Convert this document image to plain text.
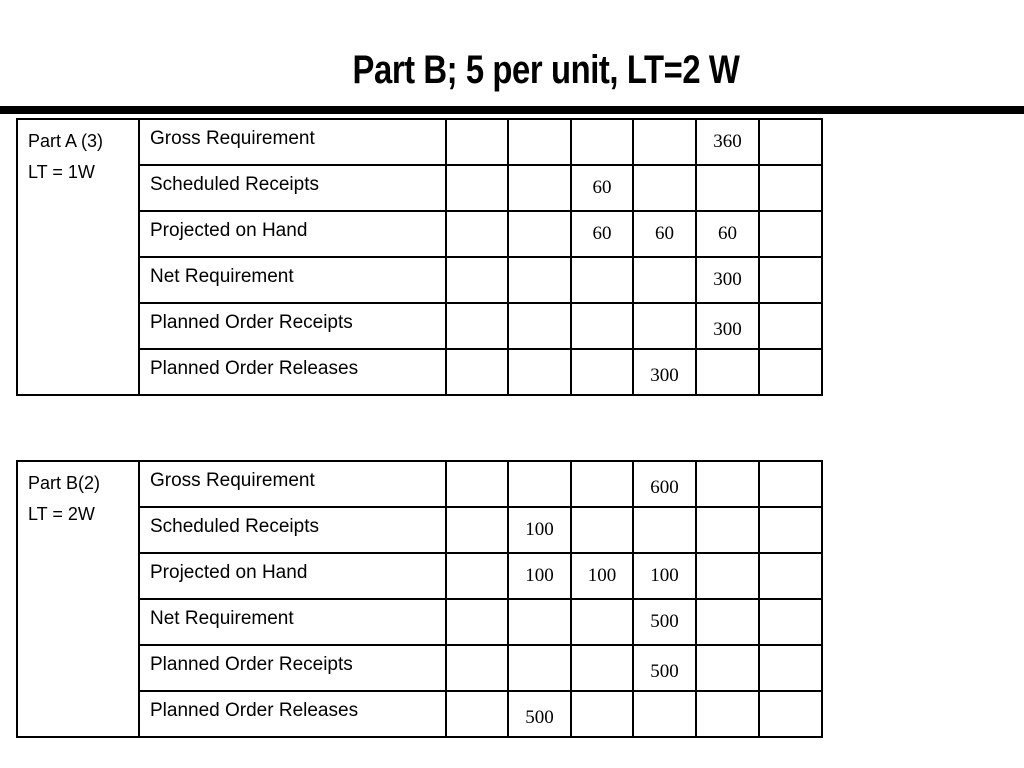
Part B; 5 per unit, LT=2 W
Part A (3)
LT = 1W	Gross Requirement					360	
	Scheduled Receipts			60			
	Projected on Hand			60	60	60	
	Net Requirement					300	
	Planned Order Receipts					300	
	Planned Order Releases				300		
Part B(2)
LT = 2W	Gross Requirement				600		
	Scheduled Receipts		100				
	Projected on Hand		100	100	100		
	Net Requirement				500		
	Planned Order Receipts				500		
	Planned Order Releases		500				
